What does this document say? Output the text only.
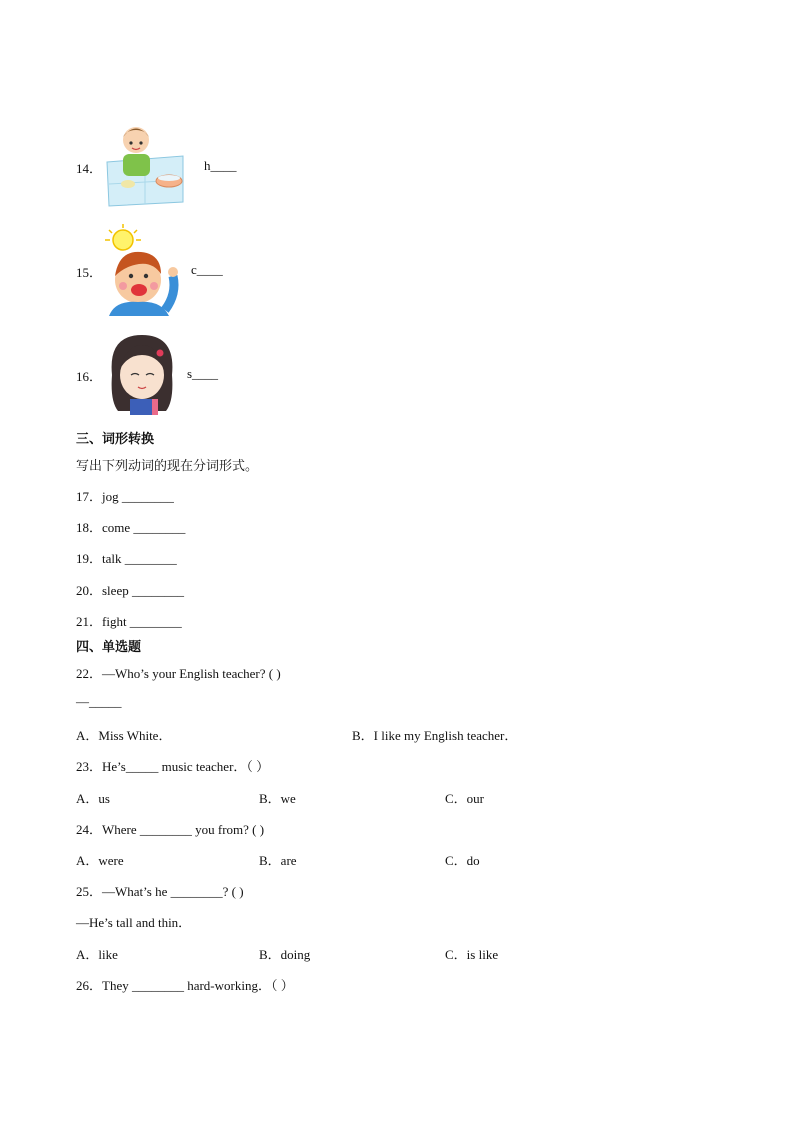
14．	h____
15．	c____
16．	s____
三、词形转换
写出下列动词的现在分词形式。
17．jog ________
18．come ________
19．talk ________
20．sleep ________
21．fight ________
四、单选题
22．—Who’s your English teacher? ( )
—_____
A．Miss White．	B．I like my English teacher．
23．He’s_____ music teacher．（ ）
A．us	B．we	C．our
24．Where ________ you from? ( )
A．were	B．are	C．do
25．—What’s he ________? ( )
—He’s tall and thin．
A．like	B．doing	C．is like
26．They ________ hard-working．（ ）
